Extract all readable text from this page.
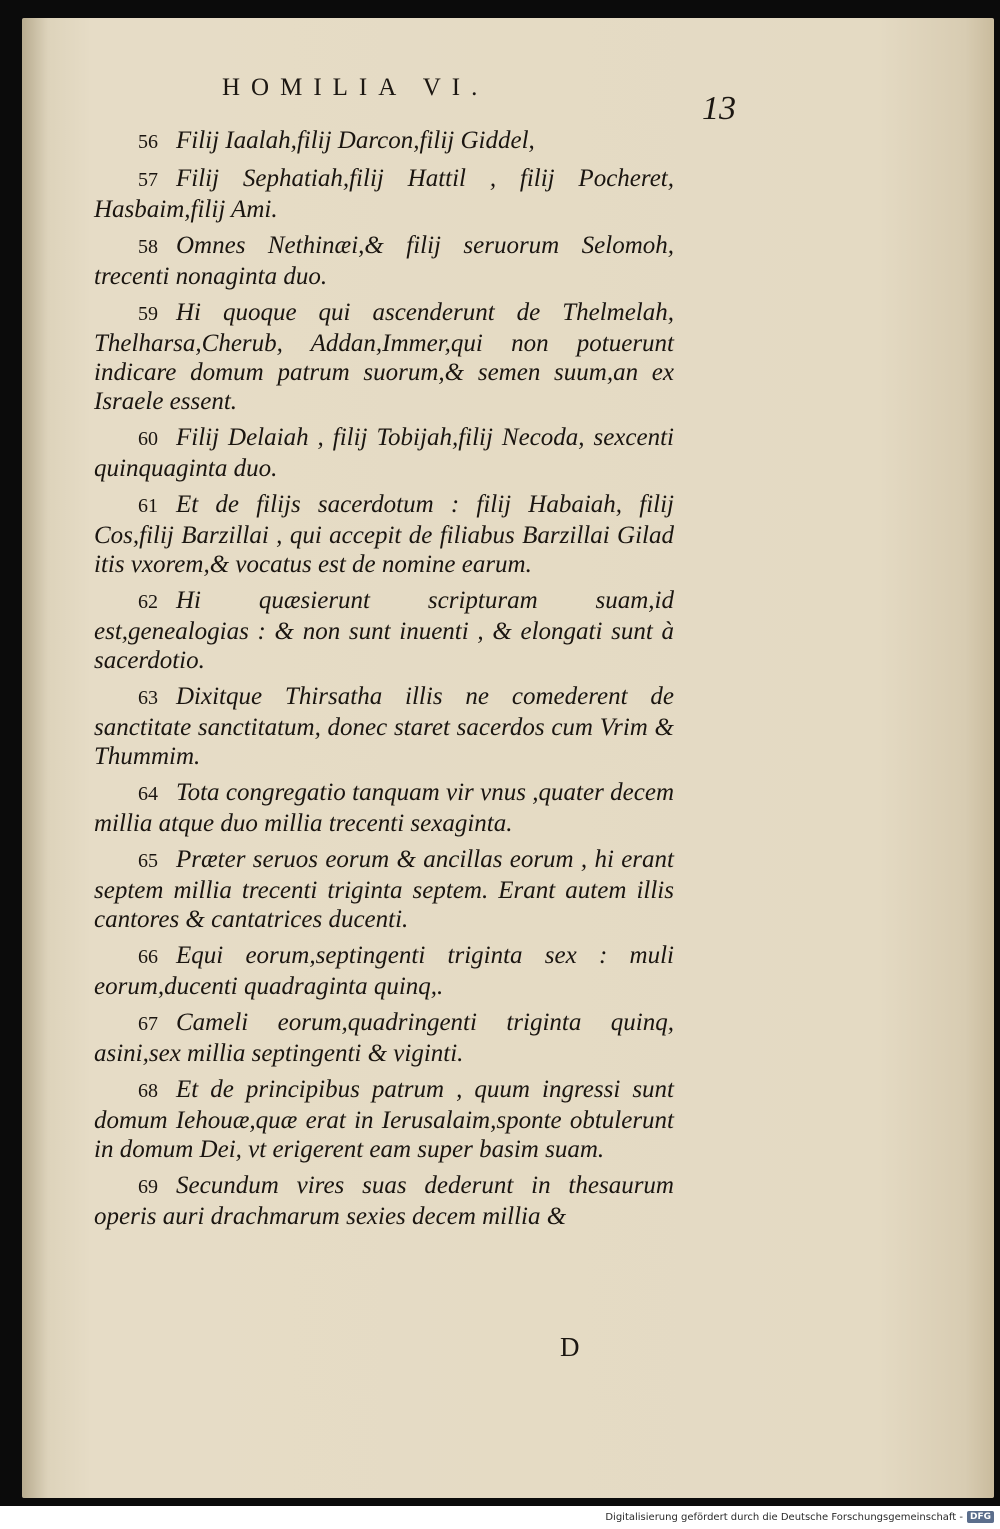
HOMILIA VI.
13

56 Filij Iaalah,filij Darcon,filij Giddel,

57 Filij Sephatiah,filij Hattil , filij Pocheret, Hasbaim,filij Ami.

58 Omnes Nethinæi,& filij seruorum Selomoh, trecenti nonaginta duo.

59 Hi quoque qui ascenderunt de Thelmelah, Thelharsa,Cherub, Addan,Immer,qui non potuerunt indicare domum patrum suorum,& semen suum,an ex Israele essent.

60 Filij Delaiah , filij Tobijah,filij Necoda, sexcenti quinquaginta duo.

61 Et de filijs sacerdotum : filij Habaiah, filij Cos,filij Barzillai , qui accepit de filiabus Barzillai Gilad itis vxorem,& vocatus est de nomine earum.

62 Hi quæsierunt scripturam suam,id est,genealogias : & non sunt inuenti , & elongati sunt à sacerdotio.

63 Dixitque Thirsatha illis ne comederent de sanctitate sanctitatum, donec staret sacerdos cum Vrim & Thummim.

64 Tota congregatio tanquam vir vnus ,quater decem millia atque duo millia trecenti sexaginta.

65 Præter seruos eorum & ancillas eorum , hi erant septem millia trecenti triginta septem. Erant autem illis cantores & cantatrices ducenti.

66 Equi eorum,septingenti triginta sex : muli eorum,ducenti quadraginta quinq,.

67 Cameli eorum,quadringenti triginta quinq, asini,sex millia septingenti & viginti.

68 Et de principibus patrum , quum ingressi sunt domum Iehouæ,quæ erat in Ierusalaim,sponte obtulerunt in domum Dei, vt erigerent eam super basim suam.

69 Secundum vires suas dederunt in thesaurum operis auri drachmarum sexies decem millia &

D
Digitalisierung gefördert durch die Deutsche Forschungsgemeinschaft - DFG
